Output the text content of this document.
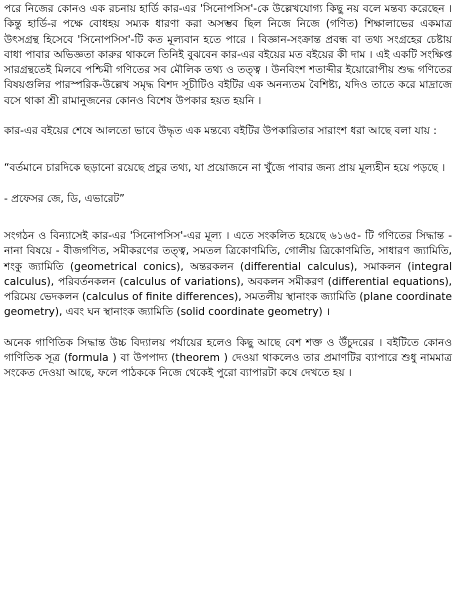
পরে নিজের কোনও এক রচনায় হার্ডি কার-এর 'সিনোপসিস'-কে উল্লেখযোগ্য কিছু নয় বলে মন্তব্য করেছেন । কিন্তু হার্ডি-র পক্ষে বোধহয় সম্যক ধারণা করা অসম্ভব ছিল নিজে নিজে (গণিত) শিক্ষালাভের একমাত্র উৎসগ্রন্থ হিসেবে 'সিনোপসিস'-টি কত মূল্যবান হতে পারে । বিজ্ঞান-সংক্রান্ত প্রবন্ধ বা তথ্য সংগ্রহের চেষ্টায় বাধা পাবার অভিজ্ঞতা কারুর থাকলে তিনিই বুঝবেন কার-এর বইয়ের মত বইয়ের কী দাম । এই একটি সংক্ষিপ্ত সারগ্রন্থতেই মিলবে পশ্চিমী গণিতের সব মৌলিক তথ্য ও তত্ত্ব । উনবিংশ শতাব্দীর ইয়োরোপীয় শুদ্ধ গণিতের বিষয়গুলির পারস্পরিক-উল্লেখ সমৃদ্ধ বিশদ সূচীটিও বইটির এক অনন্যতম বৈশিষ্ট্য, যদিও তাতে করে মাদ্রাজে বসে থাকা শ্রী রামানুজনের কোনও বিশেষ উপকার হয়ত হয়নি ।

কার-এর বইয়ের শেষে আলতো ভাবে উদ্ধৃত এক মন্তব্যে বইটির উপকারিতার সারাংশ ধরা আছে বলা যায় :

“বর্তমানে চারদিকে ছড়ানো রয়েছে প্রচুর তথ্য, যা প্রয়োজনে না খুঁজে পাবার জন্য প্রায় মূল্যহীন হয়ে পড়ছে ।

- প্রফেসর জে, ডি, এভারেট”

সংগঠন ও বিন্যাসেই কার-এর 'সিনোপসিস'-এর মূল্য । এতে সংকলিত হয়েছে ৬১৬৫- টি গণিতের সিদ্ধান্ত - নানা বিষয়ে - বীজগণিত, সমীকরণের তত্ত্ব, সমতল ত্রিকোণমিতি, গোলীয় ত্রিকোণমিতি, সাধারণ জ্যামিতি, শংকু জ্যামিতি (geometrical conics), অন্তরকলন (differential calculus), সমাকলন (integral calculus), পরিবর্তনকলন (calculus of variations), অবকলন সমীকরণ (differential equations), পরিমেয় ভেদকলন (calculus of finite differences), সমতলীয় স্থানাংক জ্যামিতি (plane coordinate geometry), এবং ঘন স্থানাংক জ্যামিতি (solid coordinate geometry) ।

অনেক গাণিতিক সিদ্ধান্ত উচ্চ বিদ্যালয় পর্যায়ের হলেও কিছু আছে বেশ শক্ত ও উঁচুদরের । বইটিতে কোনও গাণিতিক সূত্র (formula ) বা উপপাদ্য (theorem ) দেওয়া থাকলেও তার প্রমাণটির ব্যাপারে শুধু নামমাত্র সংকেত দেওয়া আছে, ফলে পাঠককে নিজে থেকেই পুরো ব্যাপারটা কষে দেখতে হয় ।
